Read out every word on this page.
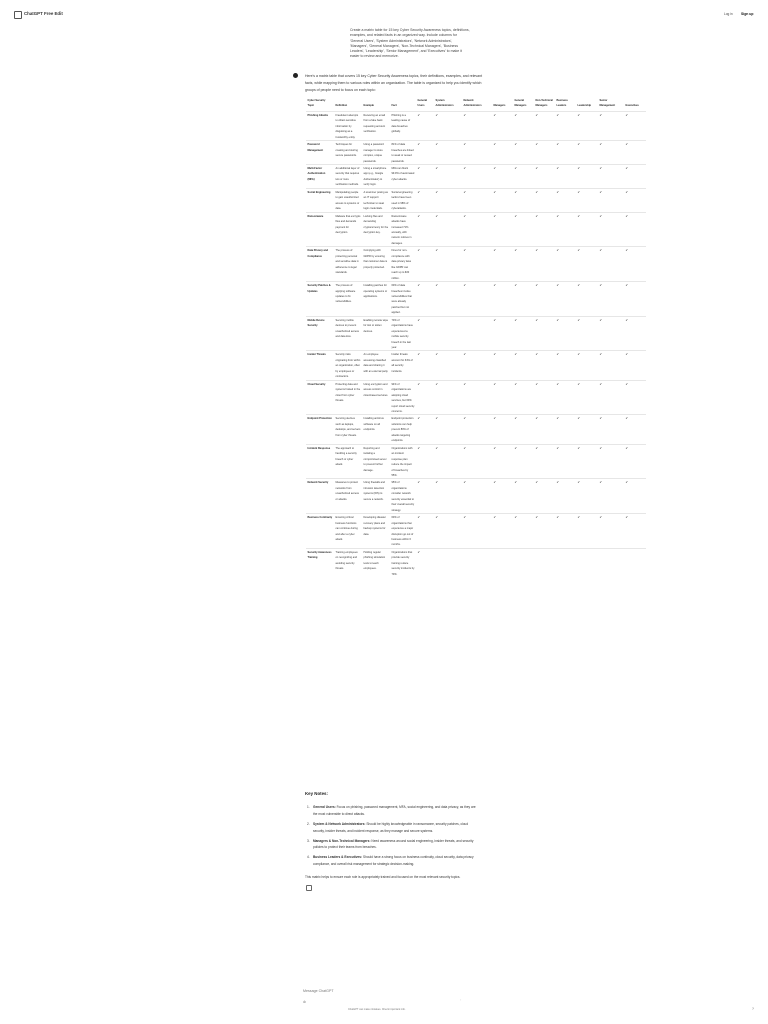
ChatGPT Free Edit	Log in	Sign up
Create a matrix table for 15 key Cyber Security Awareness topics, definitions, examples, and related facts in an organized way. Include columns for 'General Users', 'System Administrators', 'Network Administrators', 'Managers', 'General Managers', 'Non-Technical Managers', 'Business Leaders', 'Leadership', 'Senior Management', and 'Executives' to make it easier to review and memorize.
Here's a matrix table that covers 15 key Cyber Security Awareness topics, their definitions, examples, and relevant facts, while mapping them to various roles within an organization. The table is organized to help you identify which groups of people need to focus on each topic:
Cyber Security Topic	Definition	Example	Fact	General Users	System Administrators	Network Administrators	Managers	General Managers	Non-Technical Managers	Business Leaders	Leadership	Senior Management	Executives
Phishing Attacks	Fraudulent attempts to obtain sensitive information by disguising as a trustworthy entity.	Receiving an email from a fake bank requesting account verification.	Phishing is a leading cause of data breaches globally.	✔	✔	✔	✔	✔	✔	✔	✔	✔	✔
Password Management	Techniques for creating and storing secure passwords.	Using a password manager to store complex, unique passwords.	81% of data breaches are linked to weak or reused passwords.	✔	✔	✔	✔	✔	✔	✔	✔	✔	✔
Multi-Factor Authentication (MFA)	An additional layer of security that requires two or more verification methods.	Using a smartphone app (e.g., Google Authenticator) to verify login.	MFA can block 99.9% of automated cyber attacks.	✔	✔	✔	✔	✔	✔	✔	✔	✔	✔
Social Engineering	Manipulating people to gain unauthorized access to systems or data.	A scammer posing as an IT support technician to steal login credentials.	Social engineering tactics have been used in 98% of cyberattacks.	✔	✔	✔	✔	✔	✔	✔	✔	✔	✔
Ransomware	Malware that encrypts files and demands payment for decryption.	Locking files and demanding cryptocurrency for the decryption key.	Ransomware attacks have increased 71% annually, with ransom notices in damages.	✔	✔	✔	✔	✔	✔	✔	✔	✔	✔
Data Privacy and Compliance	The process of protecting personal and sensitive data in adherence to legal standards.	Complying with GDPR by ensuring that customer data is properly protected.	Fines for non-compliance with data privacy laws like GDPR can reach up to €20 million.	✔	✔	✔	✔	✔	✔	✔	✔	✔	✔
Security Patches & Updates	The process of applying software updates to fix vulnerabilities.	Installing patches for operating systems or applications.	60% of data breaches involve vulnerabilities that were already patched but not applied.	✔	✔	✔	✔	✔	✔	✔	✔	✔	✔
Mobile Device Security	Securing mobile devices to prevent unauthorized access and data loss.	Enabling remote wipe for lost or stolen devices.	70% of organizations have experienced a mobile security breach in the last year.	✔			✔	✔	✔	✔	✔	✔	✔
Insider Threats	Security risks originating from within an organization, often by employees or contractors.	An employee accessing classified data and sharing it with an external party.	Insider threats account for 34% of all security incidents.	✔	✔	✔	✔	✔	✔	✔	✔	✔	✔
Cloud Security	Protecting data and systems hosted in the cloud from cyber threats.	Using encryption and access control in cloud-based services.	94% of organizations are adopting cloud services, but 60% report cloud security concerns.	✔	✔	✔	✔	✔	✔	✔	✔	✔	✔
Endpoint Protection	Securing devices such as laptops, desktops, and servers from cyber threats.	Installing antivirus software on all endpoints.	Endpoint protection solutions can help prevent 80% of attacks targeting endpoints.	✔	✔	✔	✔	✔	✔	✔	✔	✔	✔
Incident Response	The approach to handling a security breach or cyber attack.	Reporting and isolating a compromised server to prevent further damage.	Organizations with an incident response plan reduce the impact of breaches by 55%.	✔	✔	✔	✔	✔	✔	✔	✔	✔	✔
Network Security	Measures to protect networks from unauthorized access or attacks.	Using firewalls and intrusion detection systems (IDS) to secure a network.	95% of organizations consider network security essential to their overall security strategy.	✔	✔	✔	✔	✔	✔	✔	✔	✔	✔
Business Continuity	Ensuring critical business functions can continue during and after a cyber attack.	Developing disaster recovery plans and backup systems for data.	60% of organizations that experience a major disruption go out of business within 6 months.	✔	✔	✔	✔	✔	✔	✔	✔	✔	✔
Security Awareness Training	Training employees on recognizing and avoiding security threats.	Holding regular phishing simulation tests to teach employees.	Organizations that provide security training reduce security incidents by 70%.	✔									
Key Notes:
1. General Users: Focus on phishing, password management, MFA, social engineering, and data privacy, as they are the most vulnerable to direct attacks.
2. System & Network Administrators: Should be highly knowledgeable in ransomware, security patches, cloud security, insider threats, and incident response, as they manage and secure systems.
3. Managers & Non-Technical Managers: Need awareness around social engineering, insider threats, and security policies to protect their teams from breaches.
4. Business Leaders & Executives: Should have a strong focus on business continuity, cloud security, data privacy compliance, and overall risk management for strategic decision-making.
This matrix helps to ensure each role is appropriately trained and focused on the most relevant security topics.
Message ChatGPT
⊘	↑
ChatGPT can make mistakes. Check important info.	?
